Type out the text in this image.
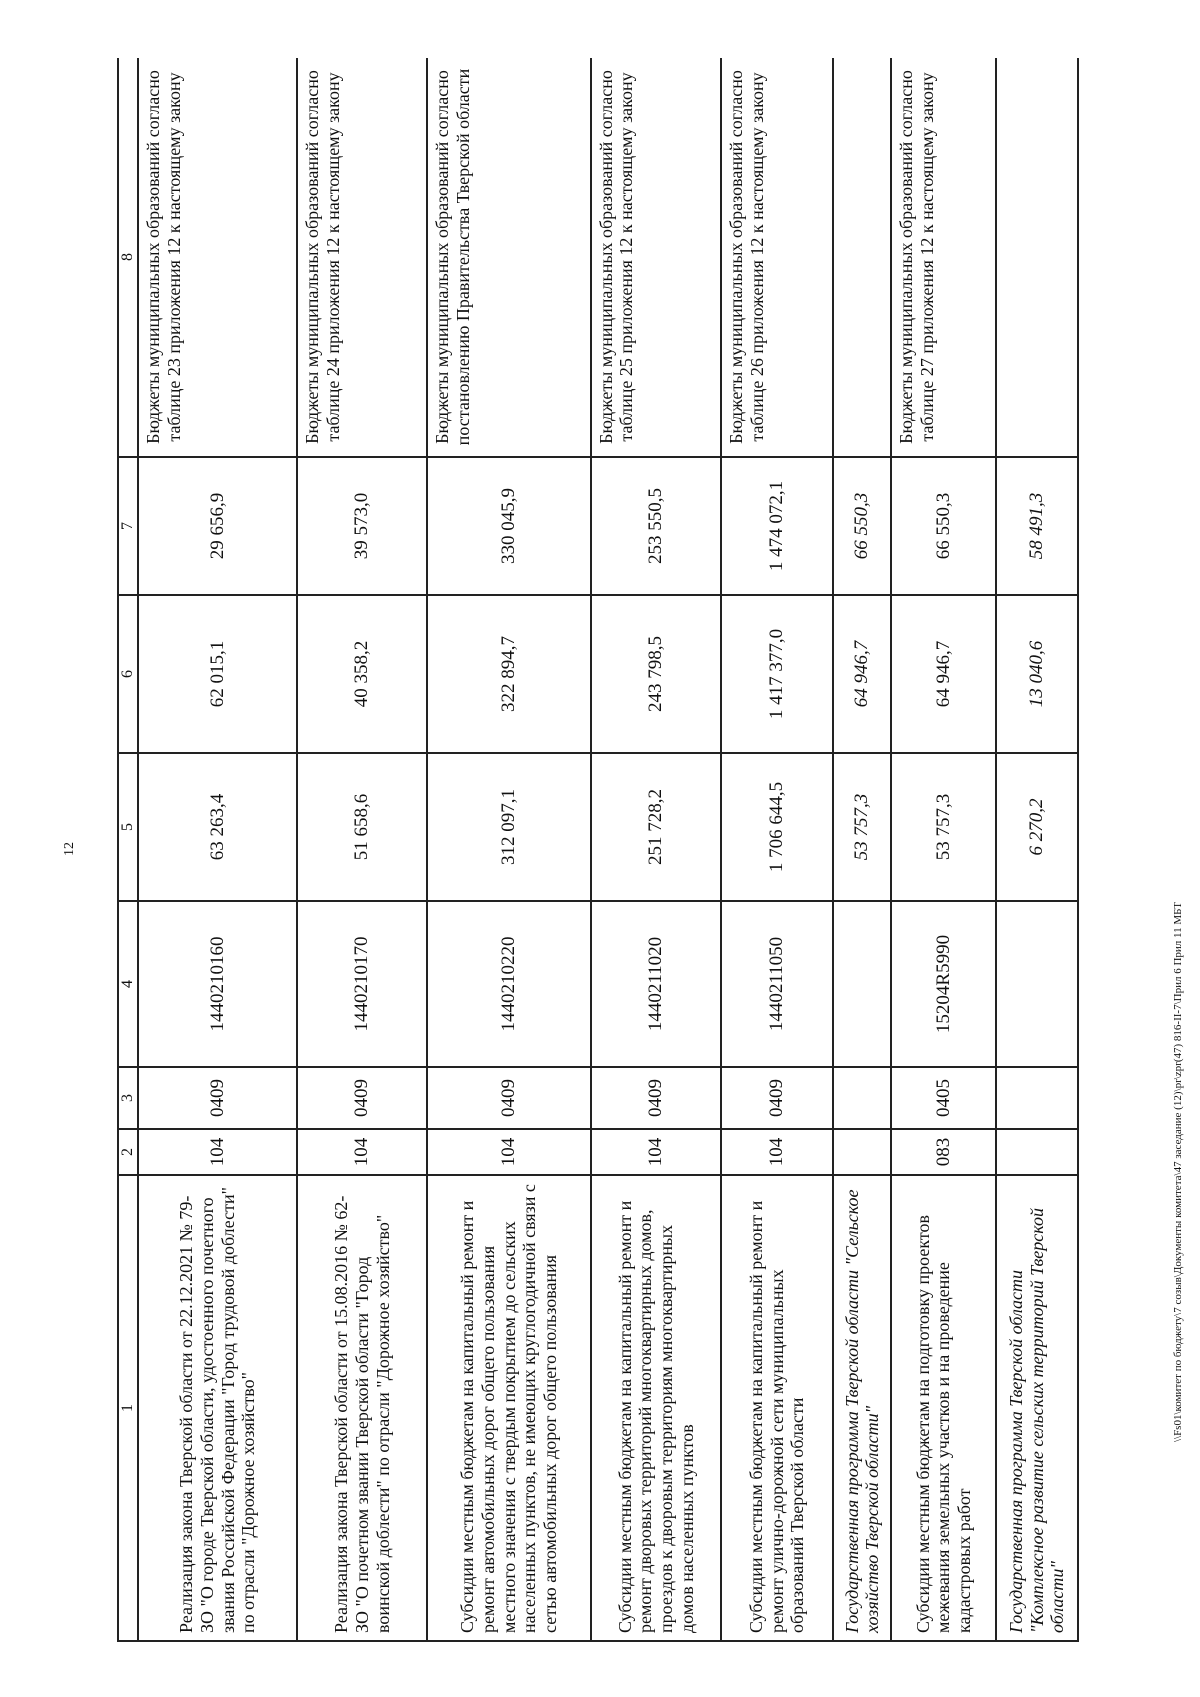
12
1	2	3	4	5	6	7	8
Реализация закона Тверской области от 22.12.2021 № 79-ЗО "О городе Тверской области, удостоенного почетного звания Российской Федерации "Город трудовой доблести" по отрасли "Дорожное хозяйство"	104	0409	1440210160	63 263,4	62 015,1	29 656,9	Бюджеты муниципальных образований согласно таблице 23 приложения 12 к настоящему закону
Реализация закона Тверской области от 15.08.2016 № 62-ЗО "О почетном звании Тверской области "Город воинской доблести" по отрасли "Дорожное хозяйство"	104	0409	1440210170	51 658,6	40 358,2	39 573,0	Бюджеты муниципальных образований согласно таблице 24 приложения 12 к настоящему закону
Субсидии местным бюджетам на капитальный ремонт и ремонт автомобильных дорог общего пользования местного значения с твердым покрытием до сельских населенных пунктов, не имеющих круглогодичной связи с сетью автомобильных дорог общего пользования	104	0409	1440210220	312 097,1	322 894,7	330 045,9	Бюджеты муниципальных образований согласно постановлению Правительства Тверской области
Субсидии местным бюджетам на капитальный ремонт и ремонт дворовых территорий многоквартирных домов, проездов к дворовым территориям многоквартирных домов населенных пунктов	104	0409	1440211020	251 728,2	243 798,5	253 550,5	Бюджеты муниципальных образований согласно таблице 25 приложения 12 к настоящему закону
Субсидии местным бюджетам на капитальный ремонт и ремонт улично-дорожной сети муниципальных образований Тверской области	104	0409	1440211050	1 706 644,5	1 417 377,0	1 474 072,1	Бюджеты муниципальных образований согласно таблице 26 приложения 12 к настоящему закону
Государственная программа Тверской области "Сельское хозяйство Тверской области"				53 757,3	64 946,7	66 550,3	
Субсидии местным бюджетам на подготовку проектов межевания земельных участков и на проведение кадастровых работ	083	0405	15204R5990	53 757,3	64 946,7	66 550,3	Бюджеты муниципальных образований согласно таблице 27 приложения 12 к настоящему закону
Государственная программа Тверской области "Комплексное развитие сельских территорий Тверской области"				6 270,2	13 040,6	58 491,3	
\\Fs01\комитет по бюджету\7 созыв\Документы комитета\47 заседание (12)\pr\zpr(47) 816-II-7\Прил 6 Прил 11 МБТ
